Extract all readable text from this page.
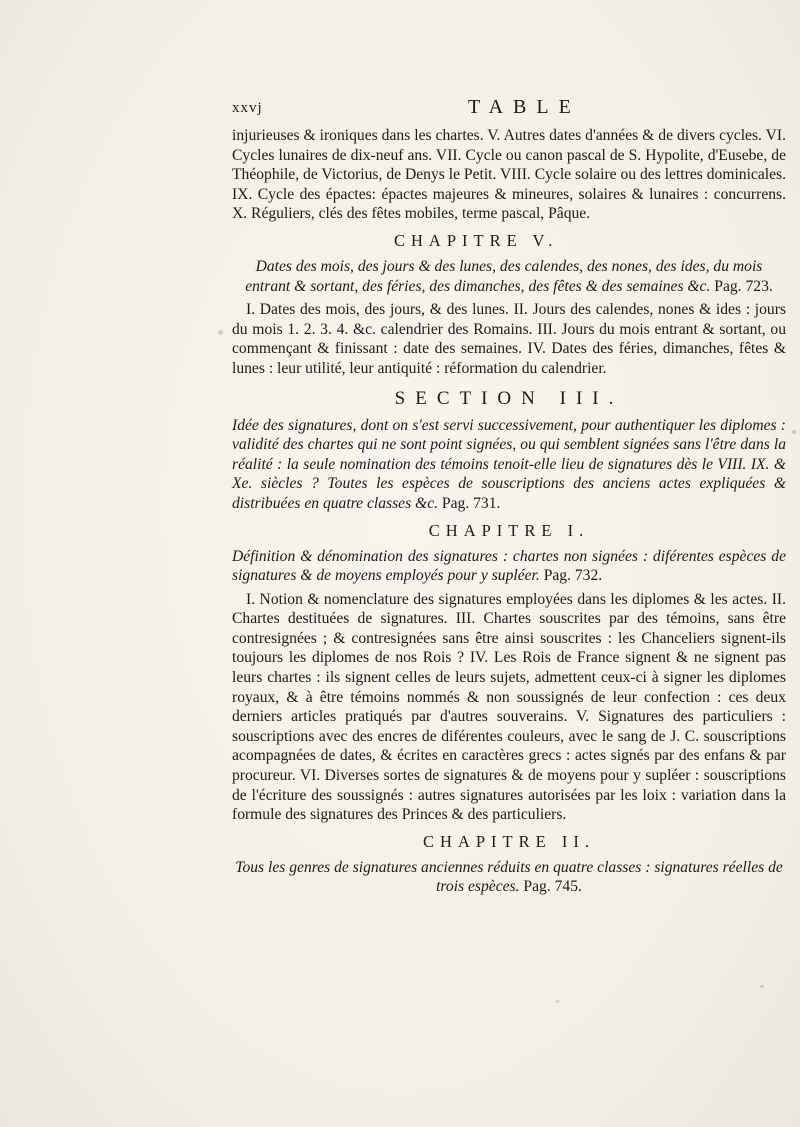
xxvj	TABLE

injurieuses & ironiques dans les chartes. V. Autres dates d'années & de divers cycles. VI. Cycles lunaires de dix-neuf ans. VII. Cycle ou canon pascal de S. Hypolite, d'Eusebe, de Théophile, de Victorius, de Denys le Petit. VIII. Cycle solaire ou des lettres dominicales. IX. Cycle des épactes: épactes majeures & mineures, solaires & lunaires : concurrens. X. Réguliers, clés des fêtes mobiles, terme pascal, Pâque.

CHAPITRE V.
Dates des mois, des jours & des lunes, des calendes, des nones, des ides, du mois entrant & sortant, des féries, des dimanches, des fêtes & des semaines &c. Pag. 723.

I. Dates des mois, des jours, & des lunes. II. Jours des calendes, nones & ides : jours du mois 1. 2. 3. 4. &c. calendrier des Romains. III. Jours du mois entrant & sortant, ou commençant & finissant : date des semaines. IV. Dates des féries, dimanches, fêtes & lunes : leur utilité, leur antiquité : réformation du calendrier.

SECTION III.
Idée des signatures, dont on s'est servi successivement, pour authentiquer les diplomes : validité des chartes qui ne sont point signées, ou qui semblent signées sans l'être dans la réalité : la seule nomination des témoins tenoit-elle lieu de signatures dès le VIII. IX. & Xe. siècles ? Toutes les espèces de souscriptions des anciens actes expliquées & distribuées en quatre classes &c. Pag. 731.
CHAPITRE I.
Définition & dénomination des signatures : chartes non signées : diférentes espèces de signatures & de moyens employés pour y supléer. Pag. 732.

I. Notion & nomenclature des signatures employées dans les diplomes & les actes. II. Chartes destituées de signatures. III. Chartes souscrites par des témoins, sans être contresignées ; & contresignées sans être ainsi souscrites : les Chanceliers signent-ils toujours les diplomes de nos Rois ? IV. Les Rois de France signent & ne signent pas leurs chartes : ils signent celles de leurs sujets, admettent ceux-ci à signer les diplomes royaux, & à être témoins nommés & non soussignés de leur confection : ces deux derniers articles pratiqués par d'autres souverains. V. Signatures des particuliers : souscriptions avec des encres de diférentes couleurs, avec le sang de J. C. souscriptions acompagnées de dates, & écrites en caractères grecs : actes signés par des enfans & par procureur. VI. Diverses sortes de signatures & de moyens pour y supléer : souscriptions de l'écriture des soussignés : autres signatures autorisées par les loix : variation dans la formule des signatures des Princes & des particuliers.

CHAPITRE II.
Tous les genres de signatures anciennes réduits en quatre classes : signatures réelles de trois espèces. Pag. 745.
